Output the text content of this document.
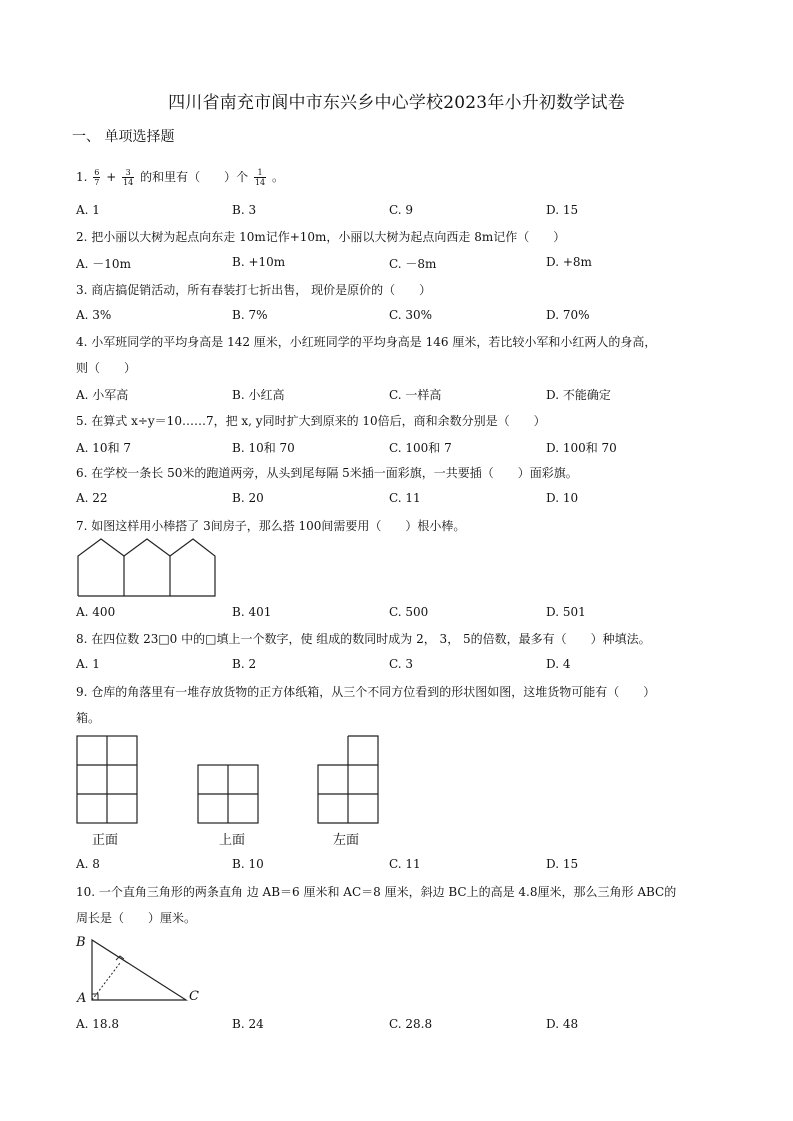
四川省南充市阆中市东兴乡中心学校2023年小升初数学试卷
一、 单项选择题
1. $\frac{6}{7} + \frac{3}{14}$ 的和里有（　　）个 $\frac{1}{14}$ 。
A. 1	B. 3	C. 9	D. 15
2. 把小丽以大树为起点向东走 10m记作+10m，小丽以大树为起点向西走 8m记作（　　）
A. －10m	B. +10m	C. －8m	D. +8m
3. 商店搞促销活动，所有春装打七折出售， 现价是原价的（　　）
A. 3%	B. 7%	C. 30%	D. 70%
4. 小军班同学的平均身高是 142 厘米，小红班同学的平均身高是 146 厘米，若比较小军和小红两人的身高，
则（　　）
A. 小军高	B. 小红高	C. 一样高	D. 不能确定
5. 在算式 x÷y＝10……7，把 x, y同时扩大到原来的 10倍后，商和余数分别是（　　）
A. 10和 7	B. 10和 70	C. 100和 7	D. 100和 70
6. 在学校一条长 50米的跑道两旁，从头到尾每隔 5米插一面彩旗，一共要插（　　）面彩旗。
A. 22	B. 20	C. 11	D. 10
7. 如图这样用小棒搭了 3间房子，那么搭 100间需要用（　　）根小棒。
A. 400	B. 401	C. 500	D. 501
8. 在四位数 23□0 中的□填上一个数字，使 组成的数同时成为 2， 3， 5的倍数，最多有（　　）种填法。
A. 1	B. 2	C. 3	D. 4
9. 仓库的角落里有一堆存放货物的正方体纸箱，从三个不同方位看到的形状图如图，这堆货物可能有（　　）
箱。
正面	上面	左面
A. 8	B. 10	C. 11	D. 15
10. 一个直角三角形的两条直角 边 AB＝6 厘米和 AC＝8 厘米，斜边 BC上的高是 4.8厘米，那么三角形 ABC的
周长是（　　）厘米。
B
A	C
A. 18.8	B. 24	C. 28.8	D. 48
